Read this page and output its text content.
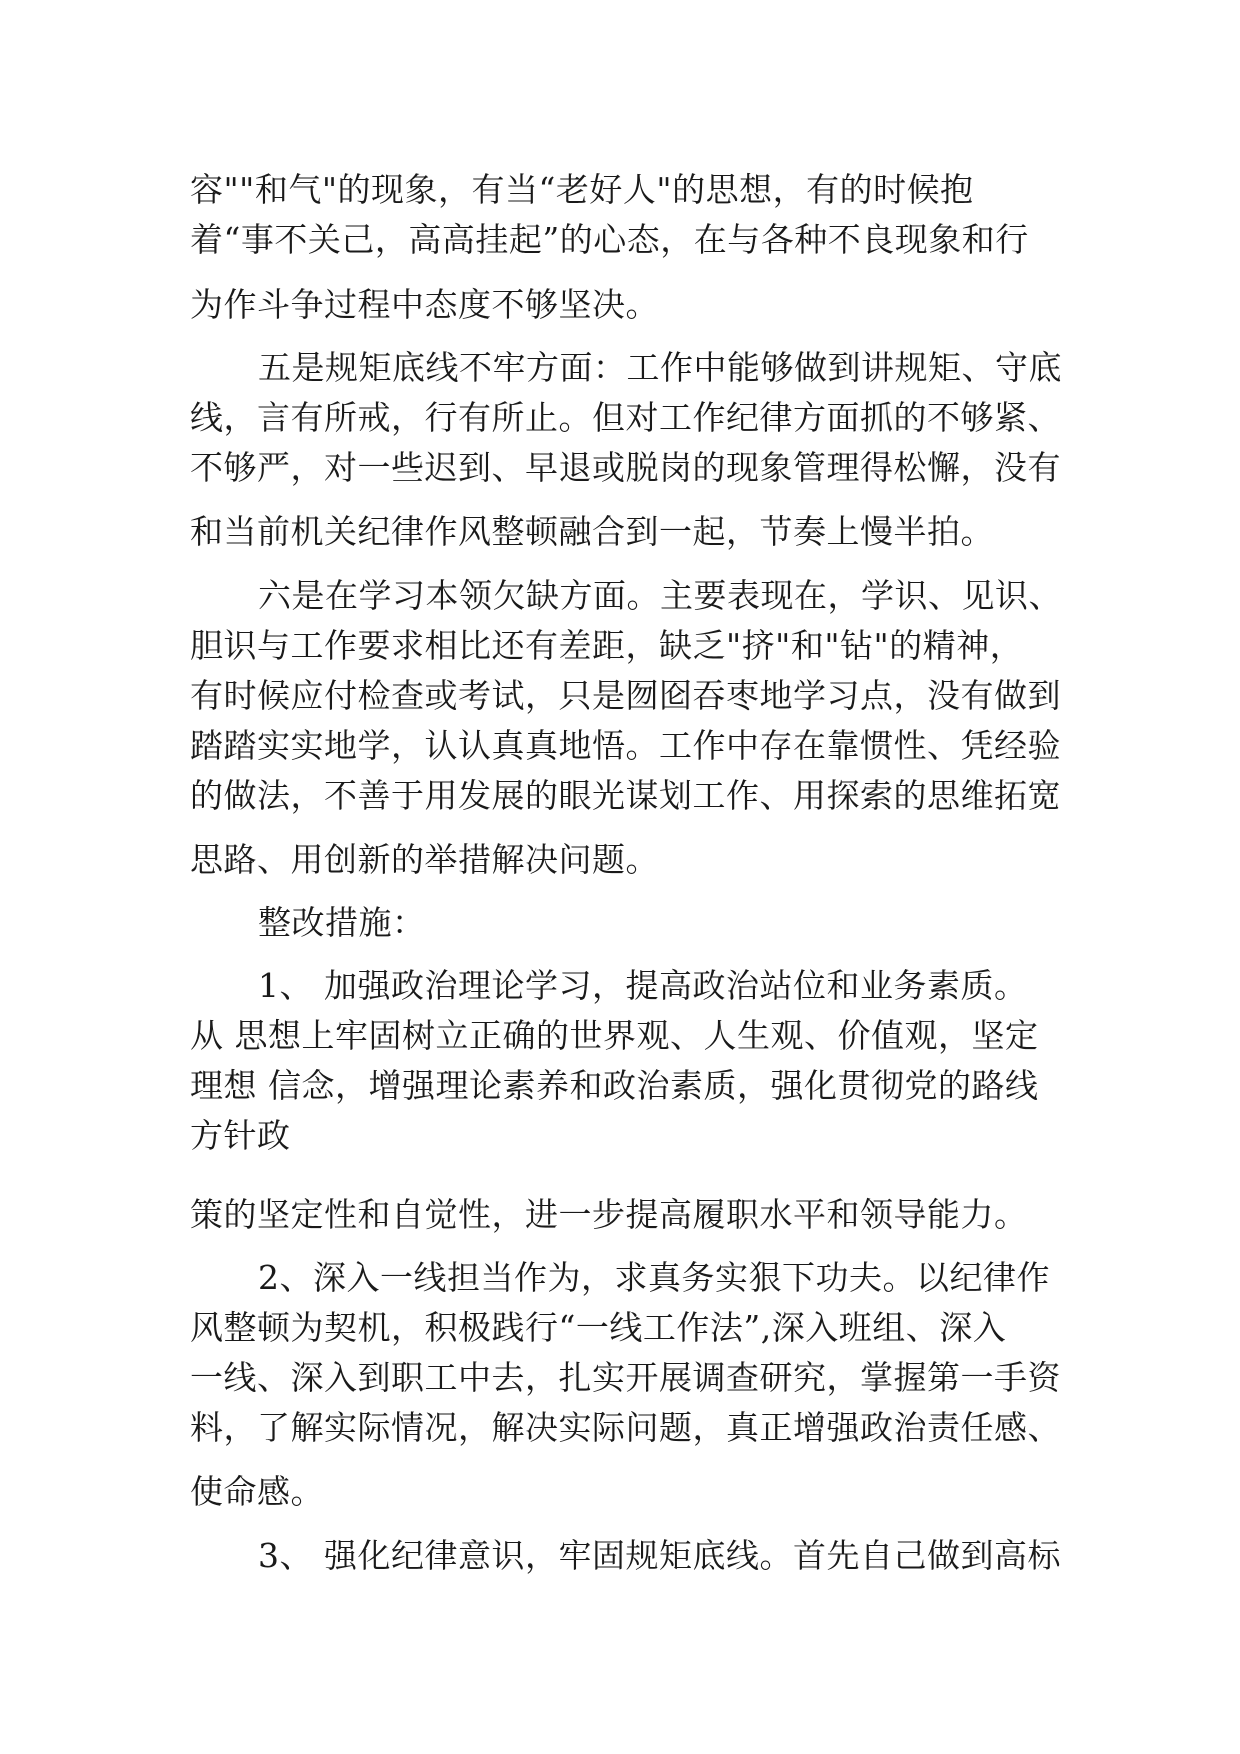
容""和气"的现象，有当“老好人"的思想，有的时候抱
着“事不关己，高高挂起”的心态，在与各种不良现象和行
为作斗争过程中态度不够坚决。
五是规矩底线不牢方面：工作中能够做到讲规矩、守底
线，言有所戒，行有所止。但对工作纪律方面抓的不够紧、
不够严，对一些迟到、早退或脱岗的现象管理得松懈，没有
和当前机关纪律作风整顿融合到一起，节奏上慢半拍。
六是在学习本领欠缺方面。主要表现在，学识、见识、
胆识与工作要求相比还有差距，缺乏"挤"和"钻"的精神，
有时候应付检查或考试，只是囫囵吞枣地学习点，没有做到
踏踏实实地学，认认真真地悟。工作中存在靠惯性、凭经验
的做法，不善于用发展的眼光谋划工作、用探索的思维拓宽
思路、用创新的举措解决问题。
整改措施：
1、 加强政治理论学习，提高政治站位和业务素质。
从 思想上牢固树立正确的世界观、人生观、价值观，坚定
理想 信念，增强理论素养和政治素质，强化贯彻党的路线
方针政
策的坚定性和自觉性，进一步提高履职水平和领导能力。
2、深入一线担当作为，求真务实狠下功夫。以纪律作
风整顿为契机，积极践行“一线工作法”,深入班组、深入
一线、深入到职工中去，扎实开展调查研究，掌握第一手资
料，了解实际情况，解决实际问题，真正增强政治责任感、
使命感。
3、 强化纪律意识，牢固规矩底线。首先自己做到高标
